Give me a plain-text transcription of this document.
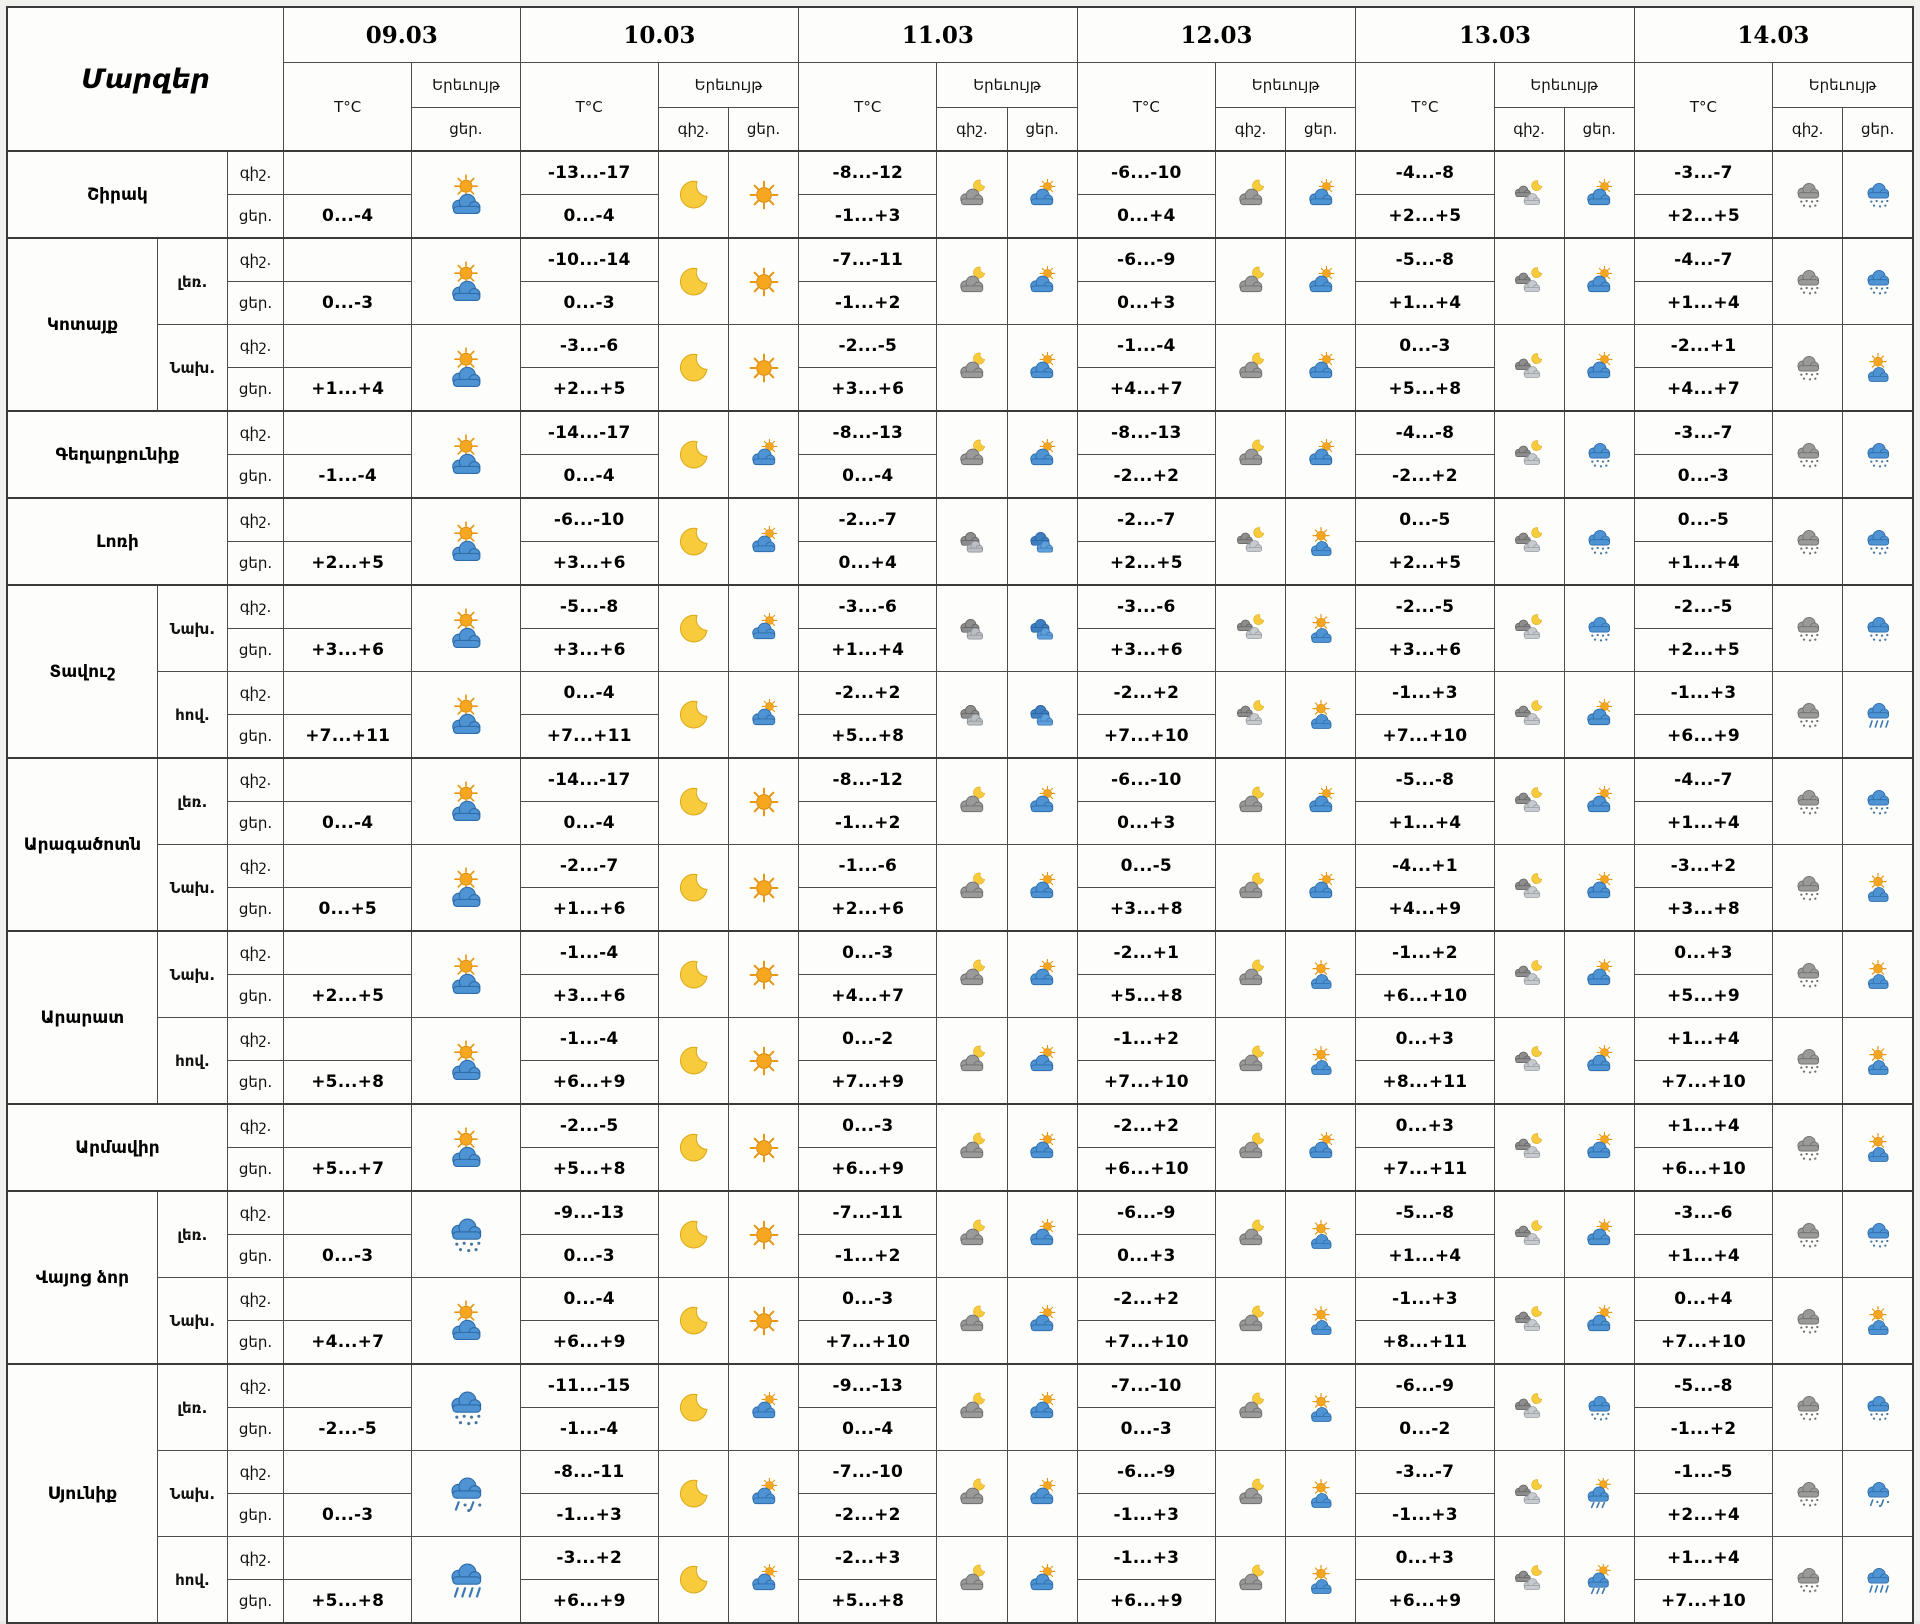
Մարզեր			09.03		10.03			11.03			12.03			13.03			14.03		
			T°C	Երեւույթ	T°C	Երեւույթ		T°C	Երեւույթ		T°C	Երեւույթ		T°C	Երեւույթ		T°C	Երեւույթ	
				ցեր.		գիշ.	ցեր.		գիշ.	ցեր.		գիշ.	ցեր.		գիշ.	ցեր.		գիշ.	ցեր.
Շիրակ		գիշ.			-13...-17			-8...-12			-6...-10			-4...-8			-3...-7		
		ցեր.	0...-4		0...-4			-1...+3			0...+4			+2...+5			+2...+5		
Կոտայք	լեռ.	գիշ.			-10...-14			-7...-11			-6...-9			-5...-8			-4...-7		
		ցեր.	0...-3		0...-3			-1...+2			0...+3			+1...+4			+1...+4		
	Նախ.	գիշ.			-3...-6			-2...-5			-1...-4			0...-3			-2...+1		
		ցեր.	+1...+4		+2...+5			+3...+6			+4...+7			+5...+8			+4...+7		
Գեղարքունիք		գիշ.			-14...-17			-8...-13			-8...-13			-4...-8			-3...-7		
		ցեր.	-1...-4		0...-4			0...-4			-2...+2			-2...+2			0...-3		
Լոռի		գիշ.			-6...-10			-2...-7			-2...-7			0...-5			0...-5		
		ցեր.	+2...+5		+3...+6			0...+4			+2...+5			+2...+5			+1...+4		
Տավուշ	Նախ.	գիշ.			-5...-8			-3...-6			-3...-6			-2...-5			-2...-5		
		ցեր.	+3...+6		+3...+6			+1...+4			+3...+6			+3...+6			+2...+5		
	հով.	գիշ.			0...-4			-2...+2			-2...+2			-1...+3			-1...+3		
		ցեր.	+7...+11		+7...+11			+5...+8			+7...+10			+7...+10			+6...+9		
Արագածոտն	լեռ.	գիշ.			-14...-17			-8...-12			-6...-10			-5...-8			-4...-7		
		ցեր.	0...-4		0...-4			-1...+2			0...+3			+1...+4			+1...+4		
	Նախ.	գիշ.			-2...-7			-1...-6			0...-5			-4...+1			-3...+2		
		ցեր.	0...+5		+1...+6			+2...+6			+3...+8			+4...+9			+3...+8		
Արարատ	Նախ.	գիշ.			-1...-4			0...-3			-2...+1			-1...+2			0...+3		
		ցեր.	+2...+5		+3...+6			+4...+7			+5...+8			+6...+10			+5...+9		
	հով.	գիշ.			-1...-4			0...-2			-1...+2			0...+3			+1...+4		
		ցեր.	+5...+8		+6...+9			+7...+9			+7...+10			+8...+11			+7...+10		
Արմավիր		գիշ.			-2...-5			0...-3			-2...+2			0...+3			+1...+4		
		ցեր.	+5...+7		+5...+8			+6...+9			+6...+10			+7...+11			+6...+10		
Վայոց ձոր	լեռ.	գիշ.			-9...-13			-7...-11			-6...-9			-5...-8			-3...-6		
		ցեր.	0...-3		0...-3			-1...+2			0...+3			+1...+4			+1...+4		
	Նախ.	գիշ.			0...-4			0...-3			-2...+2			-1...+3			0...+4		
		ցեր.	+4...+7		+6...+9			+7...+10			+7...+10			+8...+11			+7...+10		
Սյունիք	լեռ.	գիշ.			-11...-15			-9...-13			-7...-10			-6...-9			-5...-8		
		ցեր.	-2...-5		-1...-4			0...-4			0...-3			0...-2			-1...+2		
	Նախ.	գիշ.			-8...-11			-7...-10			-6...-9			-3...-7			-1...-5		
		ցեր.	0...-3		-1...+3			-2...+2			-1...+3			-1...+3			+2...+4		
	հով.	գիշ.			-3...+2			-2...+3			-1...+3			0...+3			+1...+4		
		ցեր.	+5...+8		+6...+9			+5...+8			+6...+9			+6...+9			+7...+10		
